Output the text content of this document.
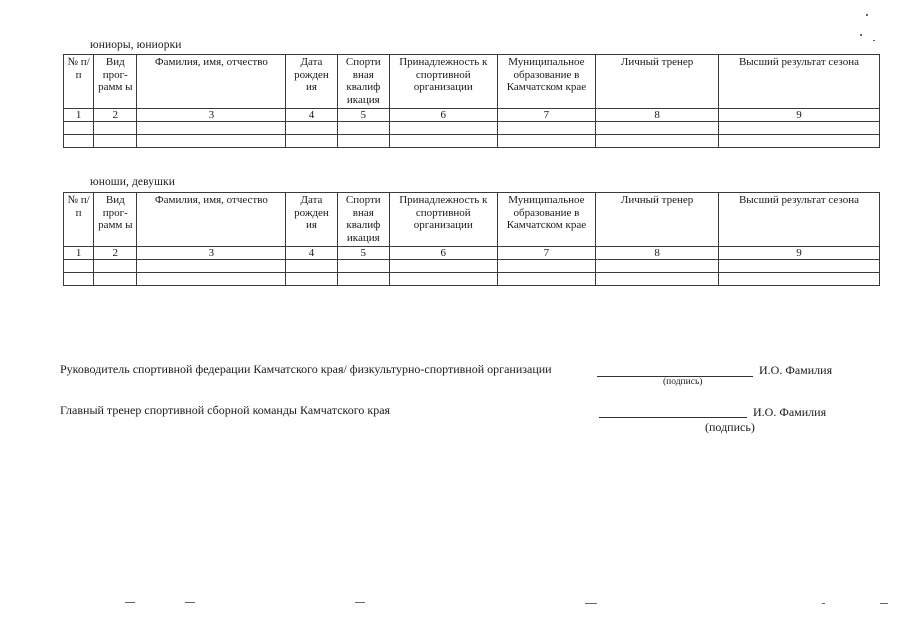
юниоры, юниорки
№ п/п	Вид прог- рамм ы	Фамилия, имя, отчество	Дата рожден ия	Спорти вная квалиф икация	Принадлежность к спортивной организации	Муниципальное образование в Камчатском крае	Личный тренер	Высший результат сезона
1	2	3	4	5	6	7	8	9

юноши, девушки
№ п/п	Вид прог- рамм ы	Фамилия, имя, отчество	Дата рожден ия	Спорти вная квалиф икация	Принадлежность к спортивной организации	Муниципальное образование в Камчатском крае	Личный тренер	Высший результат сезона
1	2	3	4	5	6	7	8	9

Руководитель спортивной федерации Камчатского края/ физкультурно-спортивной организации	И.О. Фамилия
(подпись)
Главный тренер спортивной сборной команды Камчатского края	И.О. Фамилия
(подпись)
